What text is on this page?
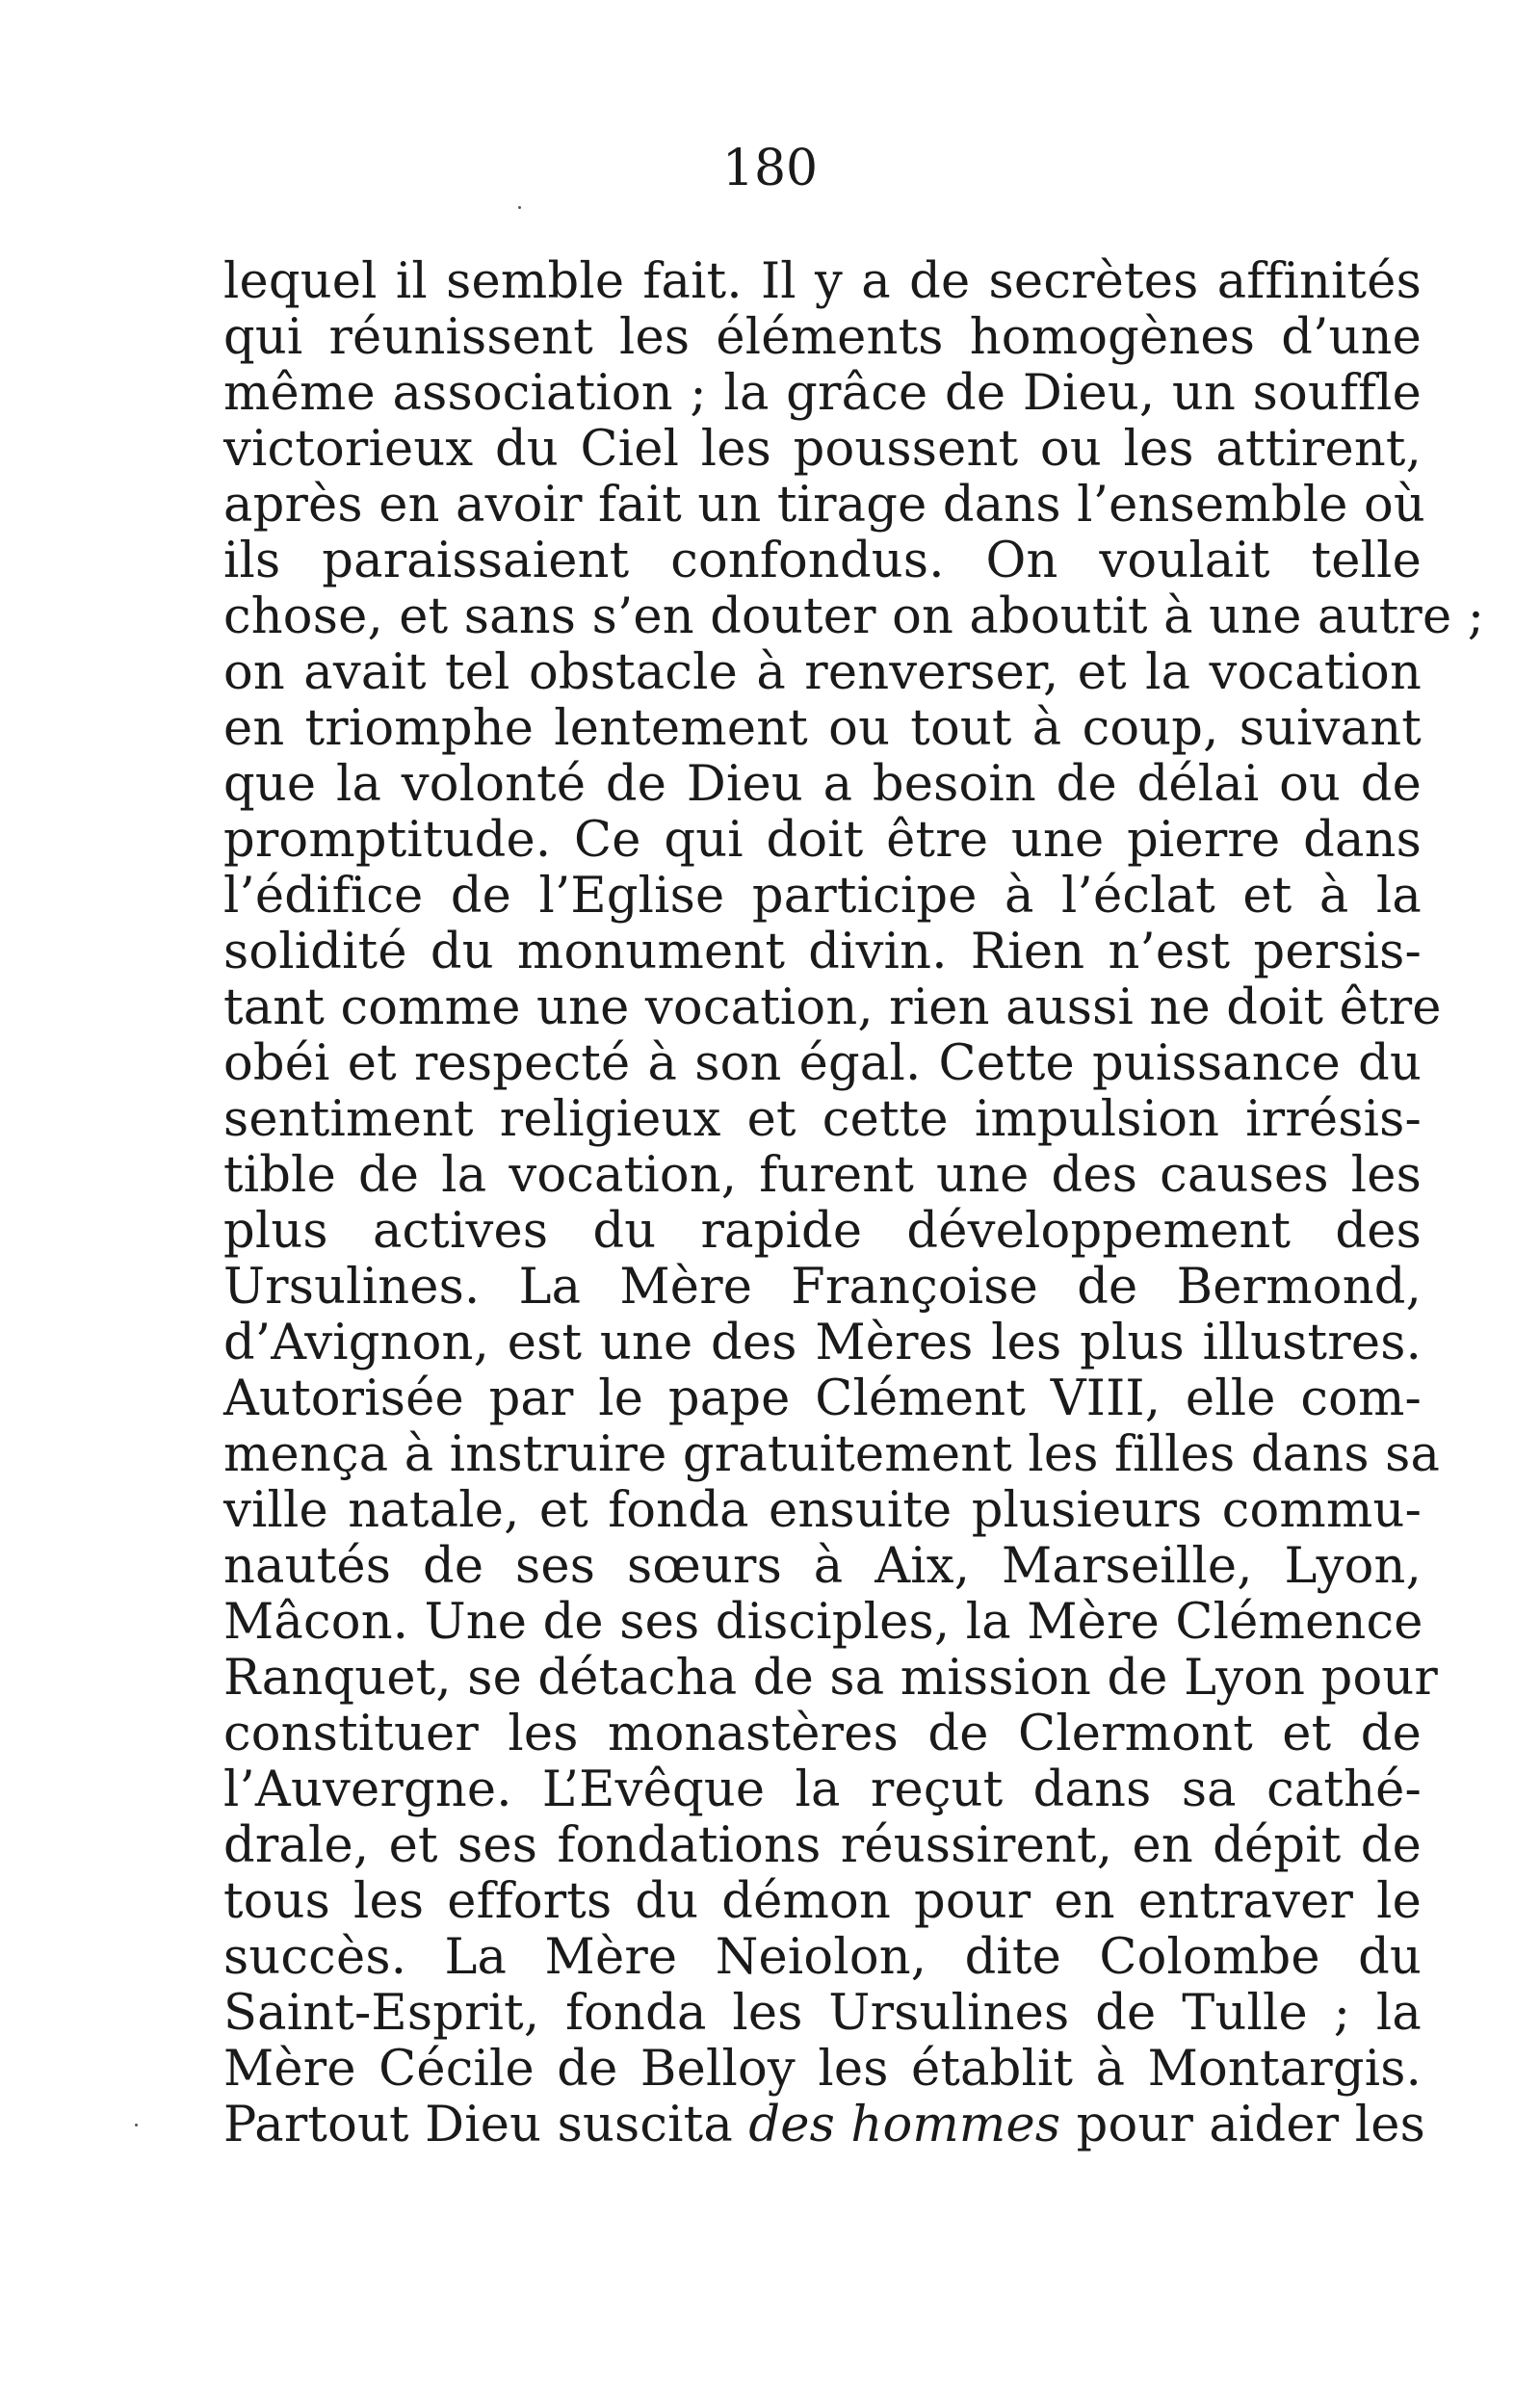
180
lequel il semble fait. Il y a de secrètes affinités
qui réunissent les éléments homogènes d’une
même association ; la grâce de Dieu, un souffle
victorieux du Ciel les poussent ou les attirent,
après en avoir fait un tirage dans l’ensemble où
ils paraissaient confondus. On voulait telle
chose, et sans s’en douter on aboutit à une autre ;
on avait tel obstacle à renverser, et la vocation
en triomphe lentement ou tout à coup, suivant
que la volonté de Dieu a besoin de délai ou de
promptitude. Ce qui doit être une pierre dans
l’édifice de l’Eglise participe à l’éclat et à la
solidité du monument divin. Rien n’est persis-
tant comme une vocation, rien aussi ne doit être
obéi et respecté à son égal. Cette puissance du
sentiment religieux et cette impulsion irrésis-
tible de la vocation, furent une des causes les
plus actives du rapide développement des
Ursulines. La Mère Françoise de Bermond,
d’Avignon, est une des Mères les plus illustres.
Autorisée par le pape Clément VIII, elle com-
mença à instruire gratuitement les filles dans sa
ville natale, et fonda ensuite plusieurs commu-
nautés de ses sœurs à Aix, Marseille, Lyon,
Mâcon. Une de ses disciples, la Mère Clémence
Ranquet, se détacha de sa mission de Lyon pour
constituer les monastères de Clermont et de
l’Auvergne. L’Evêque la reçut dans sa cathé-
drale, et ses fondations réussirent, en dépit de
tous les efforts du démon pour en entraver le
succès. La Mère Neiolon, dite Colombe du
Saint-Esprit, fonda les Ursulines de Tulle ; la
Mère Cécile de Belloy les établit à Montargis.
Partout Dieu suscita des hommes pour aider les
